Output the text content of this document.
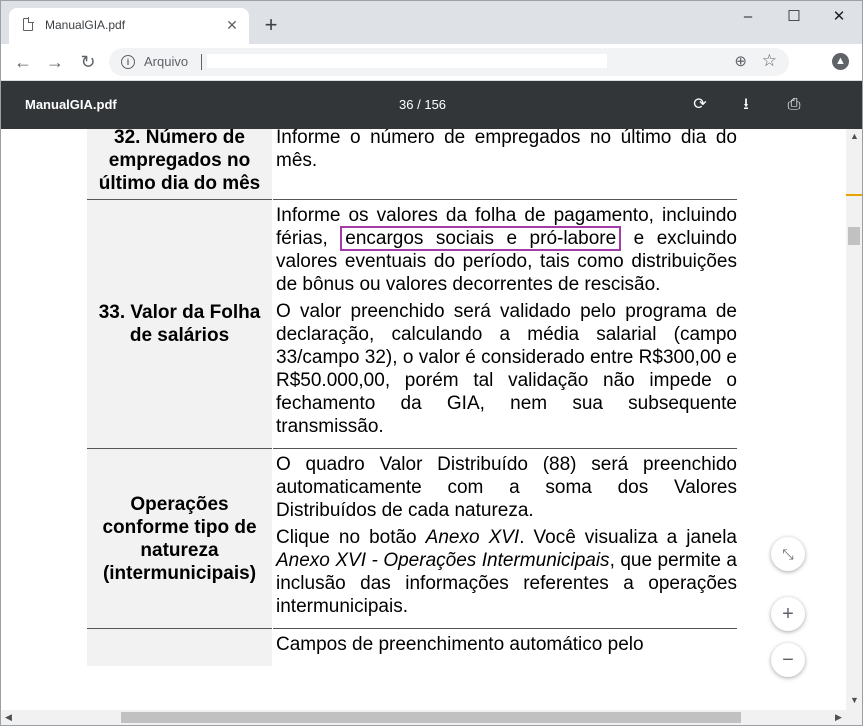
ManualGIA.pdf	✕ +	–	☐	✕
← → ↻	i	Arquivo	⊕ ☆	▲
ManualGIA.pdf	36 / 156	⟳	⭳	⎙
32. Número de empregados no último dia do mês	Informe o número de empregados no último dia do mês.

33. Valor da Folha de salários	Informe os valores da folha de pagamento, incluindo férias, encargos sociais e pró-labore e excluindo valores eventuais do período, tais como distribuições de bônus ou valores decorrentes de rescisão.

O valor preenchido será validado pelo programa de declaração, calculando a média salarial (campo 33/campo 32), o valor é considerado entre R$300,00 e R$50.000,00, porém tal validação não impede o fechamento da GIA, nem sua subsequente transmissão.

Operações conforme tipo de natureza (intermunicipais)	O quadro Valor Distribuído (88) será preenchido automaticamente com a soma dos Valores Distribuídos de cada natureza.

Clique no botão Anexo XVI. Você visualiza a janela Anexo XVI - Operações Intermunicipais, que permite a inclusão das informações referentes a operações intermunicipais.

	Campos de preenchimento automático pelo

⤡
+
−
▲
▼
◀	▶
